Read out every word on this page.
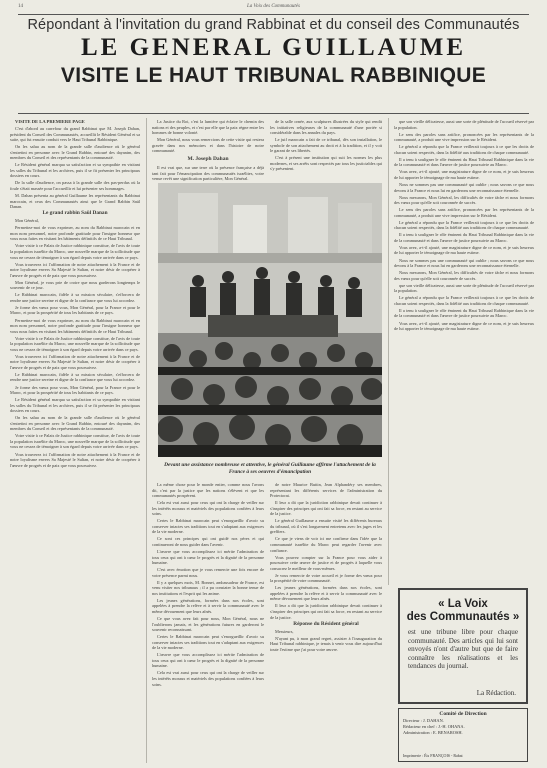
14	La Voix des Communautés
Répondant à l'invitation du grand Rabbinat et du conseil des Communautés
LE GENERAL GUILLAUME
VISITE LE HAUT TRIBUNAL RABBINIQUE

VISITE DE LA PREMIERE PAGE

C'est d'abord au carrefour du grand Rabbinat que M. Joseph Dahan, président du Conseil des Communautés, accueillit le Résident Général et sa suite, qui fut ensuite conduit vers le Haut Tribunal Rabbinique.

On les salua au nom de la grande salle d'audience où le général s'entretint en personne avec le Grand Rabbin, entouré des dayanim, des membres du Conseil et des représentants de la communauté.

Le Résident général marqua sa satisfaction et sa sympathie en visitant les salles du Tribunal et les archives, puis il se fit présenter les principaux dossiers en cours.

De la salle d'audience, on passa à la grande salle des pas-perdus où la foule s'était massée pour l'accueillir et lui présenter ses hommages.

M. Dahan présenta au général Guillaume les représentants du Rabbinat marocain, et ceux des Communautés ainsi que le Grand Rabbin Saül Danan.

Le grand rabbin Saül Danan

Mon Général,

Permettez-moi de vous exprimer, au nom du Rabbinat marocain et en mon nom personnel, notre profonde gratitude pour l'insigne honneur que vous nous faites en visitant les bâtiments définitifs de ce Haut Tribunal.

Votre visite à ce Palais de Justice rabbinique constitue, de l'avis de toute la population israélite du Maroc, une nouvelle marque de la sollicitude que vous ne cessez de témoigner à son égard depuis votre arrivée dans ce pays.

Vous trouverez ici l'affirmation de notre attachement à la France et de notre loyalisme envers Sa Majesté le Sultan, et notre désir de coopérer à l'œuvre de progrès et de paix que vous poursuivez.

Mon Général, je vous prie de croire que nous garderons longtemps le souvenir de ce jour.

Le Rabbinat marocain, fidèle à sa mission séculaire, s'efforcera de rendre une justice sereine et digne de la confiance que vous lui accordez.

Je forme des vœux pour vous, Mon Général, pour la France et pour le Maroc, et pour la prospérité de tous les habitants de ce pays.

Permettez-moi de vous exprimer, au nom du Rabbinat marocain et en mon nom personnel, notre profonde gratitude pour l'insigne honneur que vous nous faites en visitant les bâtiments définitifs de ce Haut Tribunal.

Votre visite à ce Palais de Justice rabbinique constitue, de l'avis de toute la population israélite du Maroc, une nouvelle marque de la sollicitude que vous ne cessez de témoigner à son égard depuis votre arrivée dans ce pays.

Vous trouverez ici l'affirmation de notre attachement à la France et de notre loyalisme envers Sa Majesté le Sultan, et notre désir de coopérer à l'œuvre de progrès et de paix que vous poursuivez.

Le Rabbinat marocain, fidèle à sa mission séculaire, s'efforcera de rendre une justice sereine et digne de la confiance que vous lui accordez.

Je forme des vœux pour vous, Mon Général, pour la France et pour le Maroc, et pour la prospérité de tous les habitants de ce pays.

Le Résident général marqua sa satisfaction et sa sympathie en visitant les salles du Tribunal et les archives, puis il se fit présenter les principaux dossiers en cours.

On les salua au nom de la grande salle d'audience où le général s'entretint en personne avec le Grand Rabbin, entouré des dayanim, des membres du Conseil et des représentants de la communauté.

Votre visite à ce Palais de Justice rabbinique constitue, de l'avis de toute la population israélite du Maroc, une nouvelle marque de la sollicitude que vous ne cessez de témoigner à son égard depuis votre arrivée dans ce pays.

Vous trouverez ici l'affirmation de notre attachement à la France et de notre loyalisme envers Sa Majesté le Sultan, et notre désir de coopérer à l'œuvre de progrès et de paix que vous poursuivez.

La Justice du Roi, c'est la lumière qui éclaire le chemin des nations et des peuples, et c'est par elle que la paix règne entre les hommes de bonne volonté.

Mon Général, nous vous remercions de cette visite qui restera gravée dans nos mémoires et dans l'histoire de notre communauté.

M. Joseph Dahan

Il est vrai que, sur une terre où la présence française a déjà tant fait pour l'émancipation des communautés israélites, votre venue revêt une signification particulière, Mon Général.

de la salle ornée, aux sculptures illustrées du style qui rendit les initiatives religieuses de la communauté d'une portée si considérable dans les annales du pays.

Le juif marocain a fait de ce tribunal, dès son installation, le symbole de son attachement au droit et à la tradition, et il y voit le garant de ses libertés.

C'est à présent une institution qui suit les normes les plus modernes, et ses arrêts sont respectés par tous les justiciables qui s'y présentent.

que son vieille délicatesse, aussi une sorte de plénitude de l'accueil réservé par la population.

Le sens des paroles sans artifice, prononcées par les représentants de la communauté, a produit une vive impression sur le Résident.

Le général a répondu que la France veillerait toujours à ce que les droits de chacun soient respectés, dans la fidélité aux traditions de chaque communauté.

Il a tenu à souligner le rôle éminent du Haut Tribunal Rabbinique dans la vie de la communauté et dans l'œuvre de justice poursuivie au Maroc.

Vous avez, a-t-il ajouté, une magistrature digne de ce nom, et je suis heureux de lui apporter le témoignage de ma haute estime.

Nous ne sommes pas une communauté qui oublie ; nous savons ce que nous devons à la France et nous lui en garderons une reconnaissance éternelle.

Nous mesurons, Mon Général, les difficultés de votre tâche et nous formons des vœux pour qu'elle soit couronnée de succès.

Le sens des paroles sans artifice, prononcées par les représentants de la communauté, a produit une vive impression sur le Résident.

Le général a répondu que la France veillerait toujours à ce que les droits de chacun soient respectés, dans la fidélité aux traditions de chaque communauté.

Il a tenu à souligner le rôle éminent du Haut Tribunal Rabbinique dans la vie de la communauté et dans l'œuvre de justice poursuivie au Maroc.

Vous avez, a-t-il ajouté, une magistrature digne de ce nom, et je suis heureux de lui apporter le témoignage de ma haute estime.

Nous ne sommes pas une communauté qui oublie ; nous savons ce que nous devons à la France et nous lui en garderons une reconnaissance éternelle.

Nous mesurons, Mon Général, les difficultés de votre tâche et nous formons des vœux pour qu'elle soit couronnée de succès.

que son vieille délicatesse, aussi une sorte de plénitude de l'accueil réservé par la population.

Le général a répondu que la France veillerait toujours à ce que les droits de chacun soient respectés, dans la fidélité aux traditions de chaque communauté.

Il a tenu à souligner le rôle éminent du Haut Tribunal Rabbinique dans la vie de la communauté et dans l'œuvre de justice poursuivie au Maroc.

Vous avez, a-t-il ajouté, une magistrature digne de ce nom, et je suis heureux de lui apporter le témoignage de ma haute estime.

Devant une assistance nombreuse et attentive, le général Guillaume affirme l'attachement de la France à ses oeuvres d'émancipation

La même chose pour le monde entier, comme nous l'avons dit, c'est par la justice que les nations s'élèvent et que les communautés prospèrent.

Cela est vrai aussi pour ceux qui ont la charge de veiller sur les intérêts moraux et matériels des populations confiées à leurs soins.

Certes le Rabbinat marocain peut s'enorgueillir d'avoir su conserver intactes ses traditions tout en s'adaptant aux exigences de la vie moderne.

Ce sont ces principes qui ont guidé nos pères et qui continueront de nous guider dans l'avenir.

L'œuvre que vous accomplissez ici mérite l'admiration de tous ceux qui ont à cœur le progrès et la dignité de la personne humaine.

C'est avec émotion que je vous remercie une fois encore de votre présence parmi nous.

Il y a quelques mois, M. Bonnet, ambassadeur de France, est venu visiter nos tribunaux ; il a pu constater la bonne tenue de nos institutions et l'esprit qui les anime.

Les jeunes générations, formées dans nos écoles, sont appelées à prendre la relève et à servir la communauté avec le même dévouement que leurs aînés.

Ce que vous avez fait pour nous, Mon Général, nous ne l'oublierons jamais, et les générations futures en garderont le souvenir reconnaissant.

Certes le Rabbinat marocain peut s'enorgueillir d'avoir su conserver intactes ses traditions tout en s'adaptant aux exigences de la vie moderne.

L'œuvre que vous accomplissez ici mérite l'admiration de tous ceux qui ont à cœur le progrès et la dignité de la personne humaine.

Cela est vrai aussi pour ceux qui ont la charge de veiller sur les intérêts moraux et matériels des populations confiées à leurs soins.

de notre Maurice Buttin, Jean Alphandéry ses membres, représentant les différents services de l'administration du Protectorat.

Il leur a dit que la juridiction rabbinique devait continuer à s'inspirer des principes qui ont fait sa force, en restant au service de la justice.

Le général Guillaume a ensuite visité les différents bureaux du tribunal, où il s'est longuement entretenu avec les juges et les greffiers.

Ce que je viens de voir ici me confirme dans l'idée que la communauté israélite du Maroc peut regarder l'avenir avec confiance.

Vous pouvez compter sur la France pour vous aider à poursuivre cette œuvre de justice et de progrès à laquelle vous consacrez le meilleur de vous-mêmes.

Je vous remercie de votre accueil et je forme des vœux pour la prospérité de votre communauté.

Les jeunes générations, formées dans nos écoles, sont appelées à prendre la relève et à servir la communauté avec le même dévouement que leurs aînés.

Il leur a dit que la juridiction rabbinique devait continuer à s'inspirer des principes qui ont fait sa force, en restant au service de la justice.

Réponse du Résident général

Messieurs,

N'ayant pu, à mon grand regret, assister à l'inauguration du Haut Tribunal rabbinique, je tenais à venir vous dire aujourd'hui toute l'estime que j'ai pour votre œuvre.

« La Voix
des Communautés »
est une tribune libre pour chaque communauté. Des articles qui lui sont envoyés n'ont d'autre but que de faire connaître les réalisations et les tendances du journal.
La Rédaction.
Comité de Direction
Directeur : J. DAHAN.
Rédacteur en chef : J.-H. OHANA.
Administration : E. BENAROSH.
Imprimerie : Éts FRANÇOIS - Rabat
